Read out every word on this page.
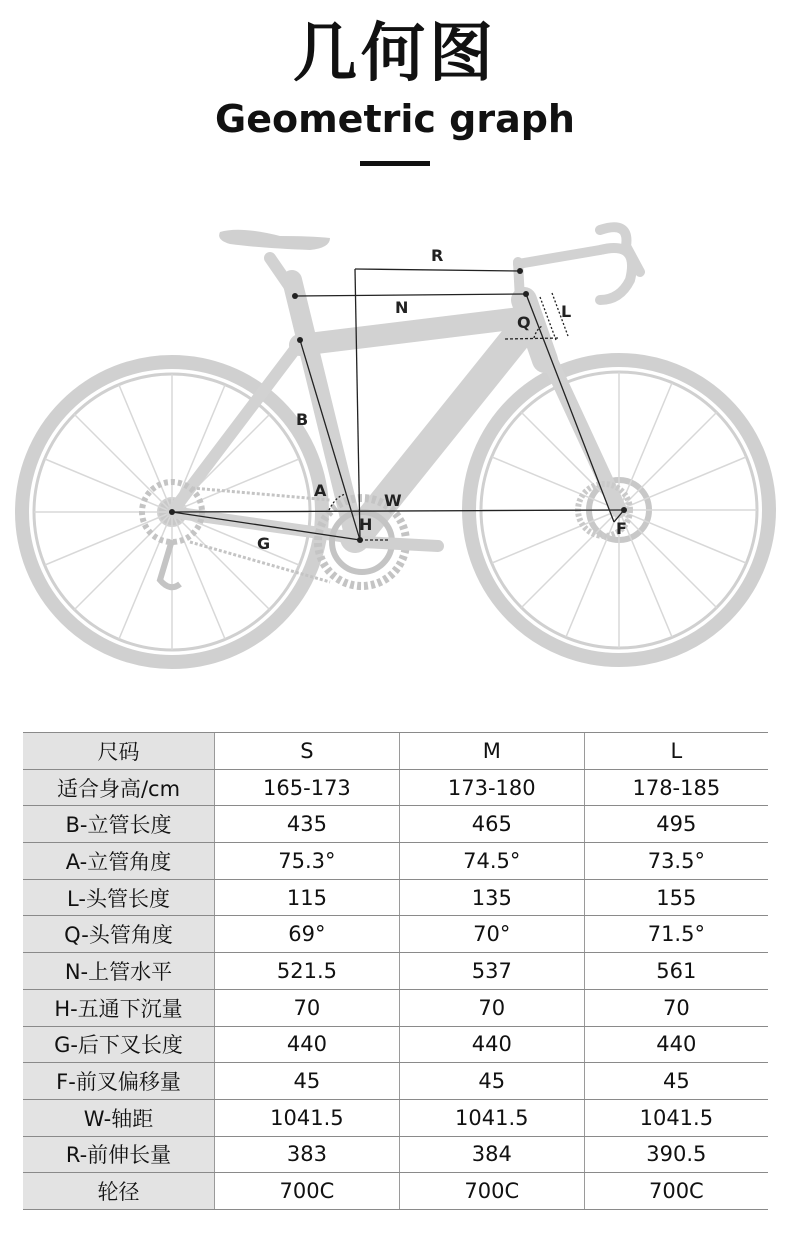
几何图
Geometric graph
R
N
Q
L
B
A
W
H
G
F
尺码	S	M	L
适合身高/cm	165-173	173-180	178-185
B-立管长度	435	465	495
A-立管角度	75.3°	74.5°	73.5°
L-头管长度	115	135	155
Q-头管角度	69°	70°	71.5°
N-上管水平	521.5	537	561
H-五通下沉量	70	70	70
G-后下叉长度	440	440	440
F-前叉偏移量	45	45	45
W-轴距	1041.5	1041.5	1041.5
R-前伸长量	383	384	390.5
轮径	700C	700C	700C
